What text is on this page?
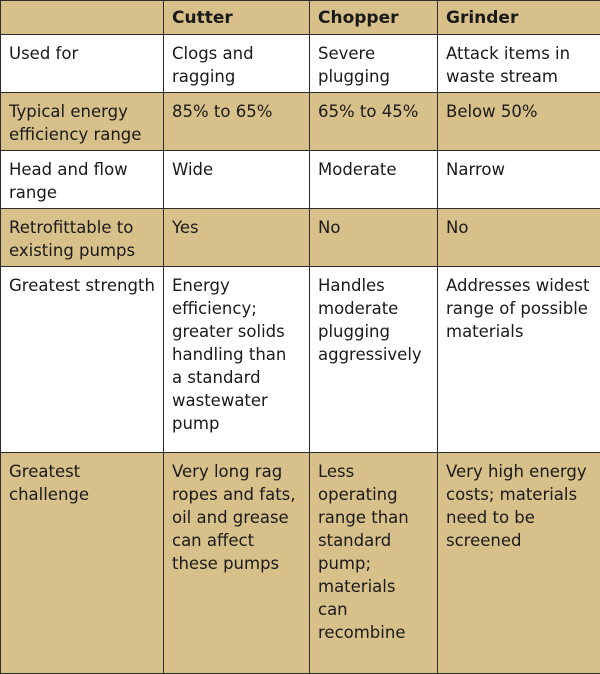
	Cutter	Chopper	Grinder
Used for	Clogs and ragging	Severe plugging	Attack items in waste stream
Typical energy efficiency range	85% to 65%	65% to 45%	Below 50%
Head and flow range	Wide	Moderate	Narrow
Retrofittable to existing pumps	Yes	No	No
Greatest strength	Energy efficiency; greater solids handling than a standard wastewater pump	Handles moderate plugging aggressively	Addresses widest range of possible materials
Greatest challenge	Very long rag ropes and fats, oil and grease can affect these pumps	Less operating range than standard pump; materials can recombine	Very high energy costs; materials need to be screened
